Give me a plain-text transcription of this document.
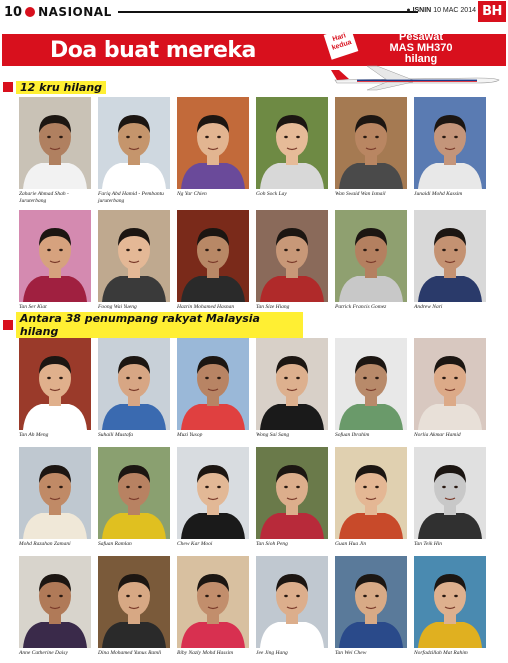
10 NASIONAL	● ISNIN 10 MAC 2014 BH
Doa buat mereka	Hari kedua
Pesawat
MAS MH370
hilang
12 kru hilang
Zaharie Ahmad Shah - Juruterbang
Fariq Abd Hamid - Pembantu juruterbang
Ng Yar Chien	Goh Sock Lay	Wan Swaid Wan Ismail	Junaidi Mohd Kassim
Tan Ser Kiat	Foong Wai Yueng	Hazrin Mohamed Hasnan	Tan Size Hiang	Patrick Francis Gomez	Andrew Nari
Antara 38 penumpang rakyat Malaysia hilang
Tan Ah Meng	Suhaili Mustafa	Muzi Yusop	Wong Sai Sang	Sofuan Ibrahim	Norlia Akmar Hamid
Mohd Razahan Zamani	Safuan Ramlan	Chew Kar Mooi	Tan Sioh Peng	Guan Hua Jin	Tan Teik Hin
Anne Catherine Daisy	Dina Mohamed Yunus Ramli	Biby Nazly Mohd Hassim	Jee Jing Hang	Tan Wei Chew	Norfadzillah Mat Rahim
